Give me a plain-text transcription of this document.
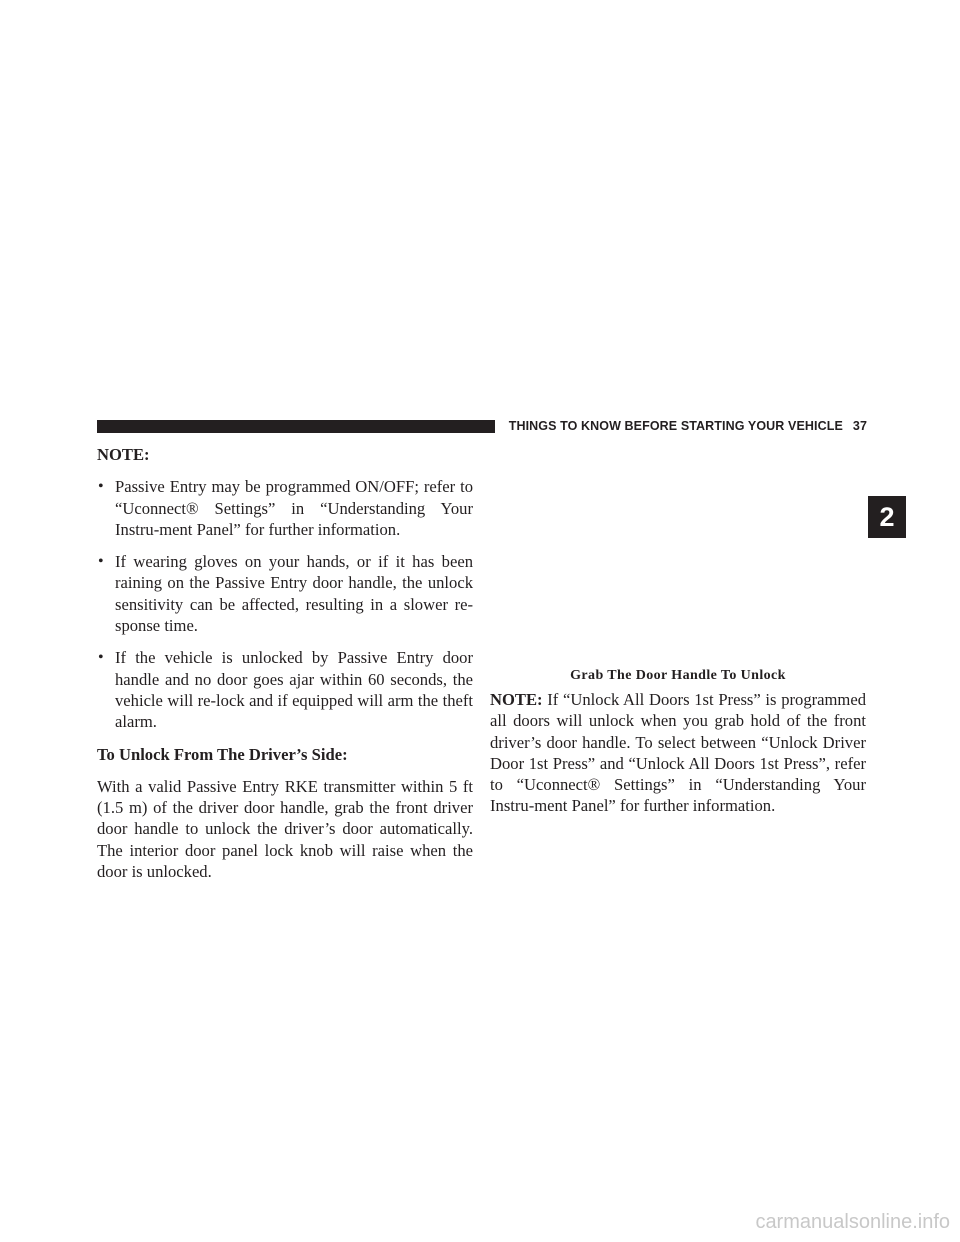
THINGS TO KNOW BEFORE STARTING YOUR VEHICLE 37
2
NOTE:
• Passive Entry may be programmed ON/OFF; refer to “Uconnect® Settings” in “Understanding Your Instru-ment Panel” for further information.
• If wearing gloves on your hands, or if it has been raining on the Passive Entry door handle, the unlock sensitivity can be affected, resulting in a slower re-sponse time.
• If the vehicle is unlocked by Passive Entry door handle and no door goes ajar within 60 seconds, the vehicle will re-lock and if equipped will arm the theft alarm.
To Unlock From The Driver’s Side:

With a valid Passive Entry RKE transmitter within 5 ft (1.5 m) of the driver door handle, grab the front driver door handle to unlock the driver’s door automatically. The interior door panel lock knob will raise when the door is unlocked.

Grab The Door Handle To Unlock

NOTE: If “Unlock All Doors 1st Press” is programmed all doors will unlock when you grab hold of the front driver’s door handle. To select between “Unlock Driver Door 1st Press” and “Unlock All Doors 1st Press”, refer to “Uconnect® Settings” in “Understanding Your Instru-ment Panel” for further information.

carmanualsonline.info
